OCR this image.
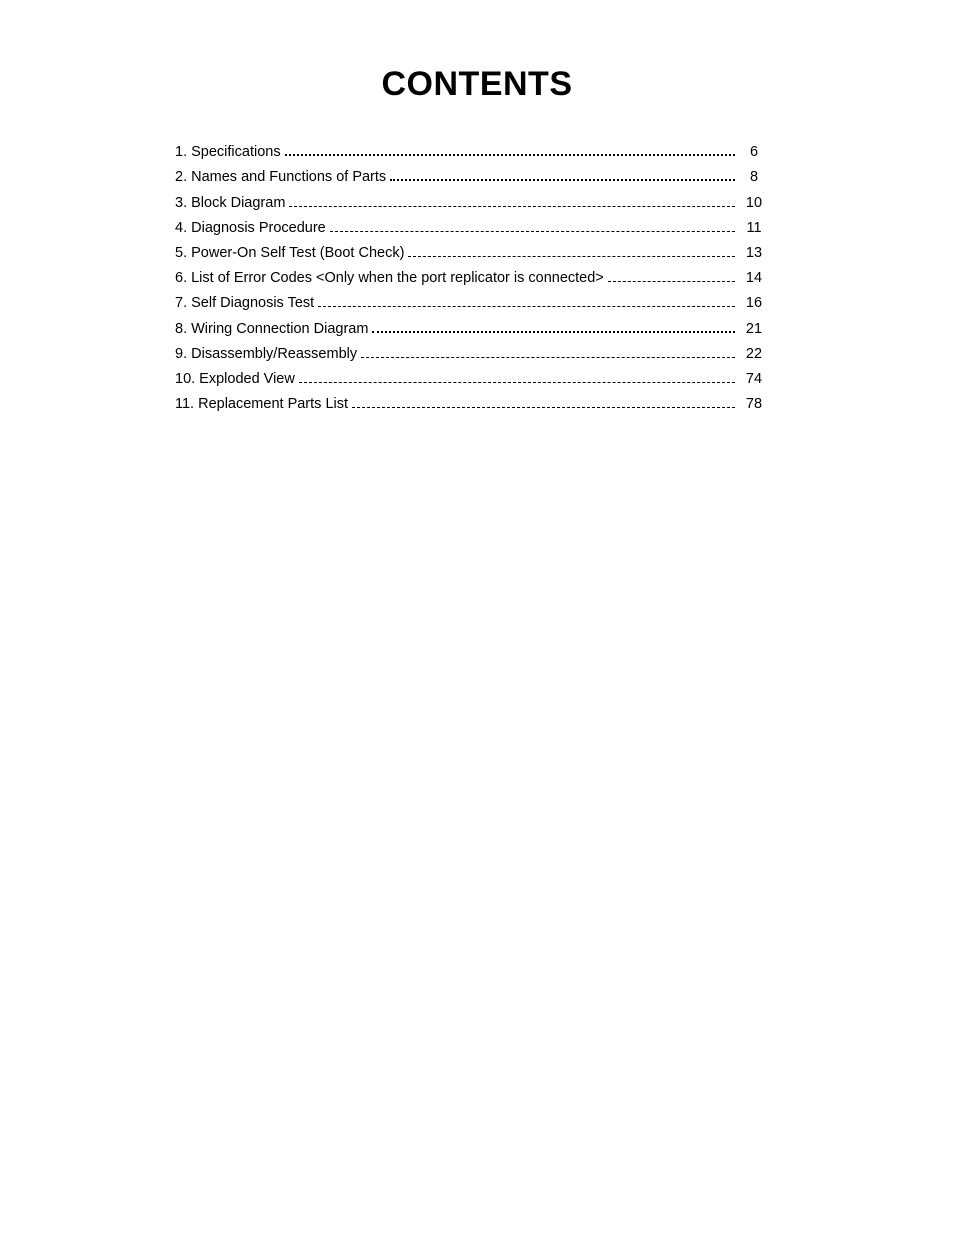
CONTENTS
1. Specifications	6
2. Names and Functions of Parts	8
3. Block Diagram	10
4. Diagnosis Procedure	11
5. Power-On Self Test (Boot Check)	13
6. List of Error Codes <Only when the port replicator is connected>	14
7. Self Diagnosis Test	16
8. Wiring Connection Diagram	21
9. Disassembly/Reassembly	22
10. Exploded View	74
11. Replacement Parts List	78
